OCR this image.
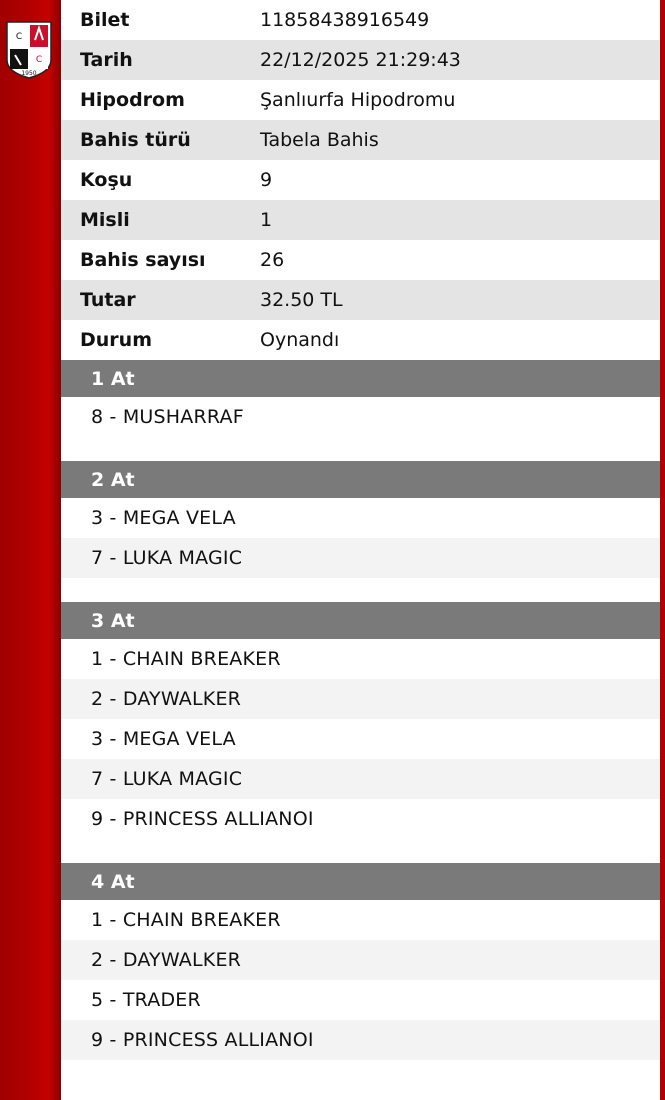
C
C
1950
Bilet	11858438916549
Tarih	22/12/2025 21:29:43
Hipodrom	Şanlıurfa Hipodromu
Bahis türü	Tabela Bahis
Koşu	9
Misli	1
Bahis sayısı	26
Tutar	32.50 TL
Durum	Oynandı
1 At
8 - MUSHARRAF
2 At
3 - MEGA VELA
7 - LUKA MAGIC
3 At
1 - CHAIN BREAKER
2 - DAYWALKER
3 - MEGA VELA
7 - LUKA MAGIC
9 - PRINCESS ALLIANOI
4 At
1 - CHAIN BREAKER
2 - DAYWALKER
5 - TRADER
9 - PRINCESS ALLIANOI
